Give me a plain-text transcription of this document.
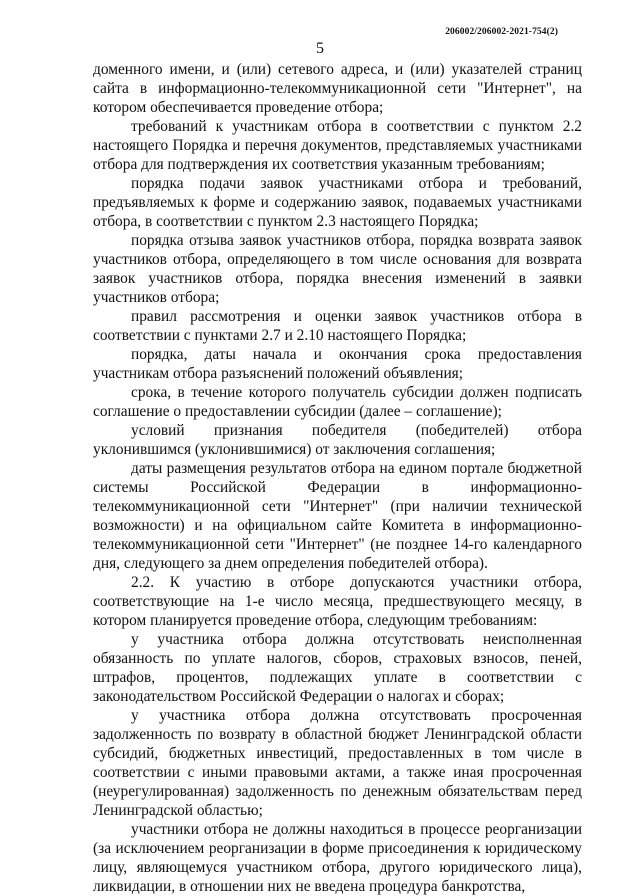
206002/206002-2021-754(2)
5

доменного имени, и (или) сетевого адреса, и (или) указателей страниц сайта в информационно-телекоммуникационной сети "Интернет", на котором обеспечивается проведение отбора;

требований к участникам отбора в соответствии с пунктом 2.2 настоящего Порядка и перечня документов, представляемых участниками отбора для подтверждения их соответствия указанным требованиям;

порядка подачи заявок участниками отбора и требований, предъявляемых к форме и содержанию заявок, подаваемых участниками отбора, в соответствии с пунктом 2.3 настоящего Порядка;

порядка отзыва заявок участников отбора, порядка возврата заявок участников отбора, определяющего в том числе основания для возврата заявок участников отбора, порядка внесения изменений в заявки участников отбора;

правил рассмотрения и оценки заявок участников отбора в соответствии с пунктами 2.7 и 2.10 настоящего Порядка;

порядка, даты начала и окончания срока предоставления участникам отбора разъяснений положений объявления;

срока, в течение которого получатель субсидии должен подписать соглашение о предоставлении субсидии (далее – соглашение);

условий признания победителя (победителей) отбора уклонившимся (уклонившимися) от заключения соглашения;

даты размещения результатов отбора на едином портале бюджетной системы Российской Федерации в информационно-телекоммуникационной сети "Интернет" (при наличии технической возможности) и на официальном сайте Комитета в информационно-телекоммуникационной сети "Интернет" (не позднее 14-го календарного дня, следующего за днем определения победителей отбора).

2.2. К участию в отборе допускаются участники отбора, соответствующие на 1-е число месяца, предшествующего месяцу, в котором планируется проведение отбора, следующим требованиям:

у участника отбора должна отсутствовать неисполненная обязанность по уплате налогов, сборов, страховых взносов, пеней, штрафов, процентов, подлежащих уплате в соответствии с законодательством Российской Федерации о налогах и сборах;

у участника отбора должна отсутствовать просроченная задолженность по возврату в областной бюджет Ленинградской области субсидий, бюджетных инвестиций, предоставленных в том числе в соответствии с иными правовыми актами, а также иная просроченная (неурегулированная) задолженность по денежным обязательствам перед Ленинградской областью;

участники отбора не должны находиться в процессе реорганизации (за исключением реорганизации в форме присоединения к юридическому лицу, являющемуся участником отбора, другого юридического лица), ликвидации, в отношении них не введена процедура банкротства,
